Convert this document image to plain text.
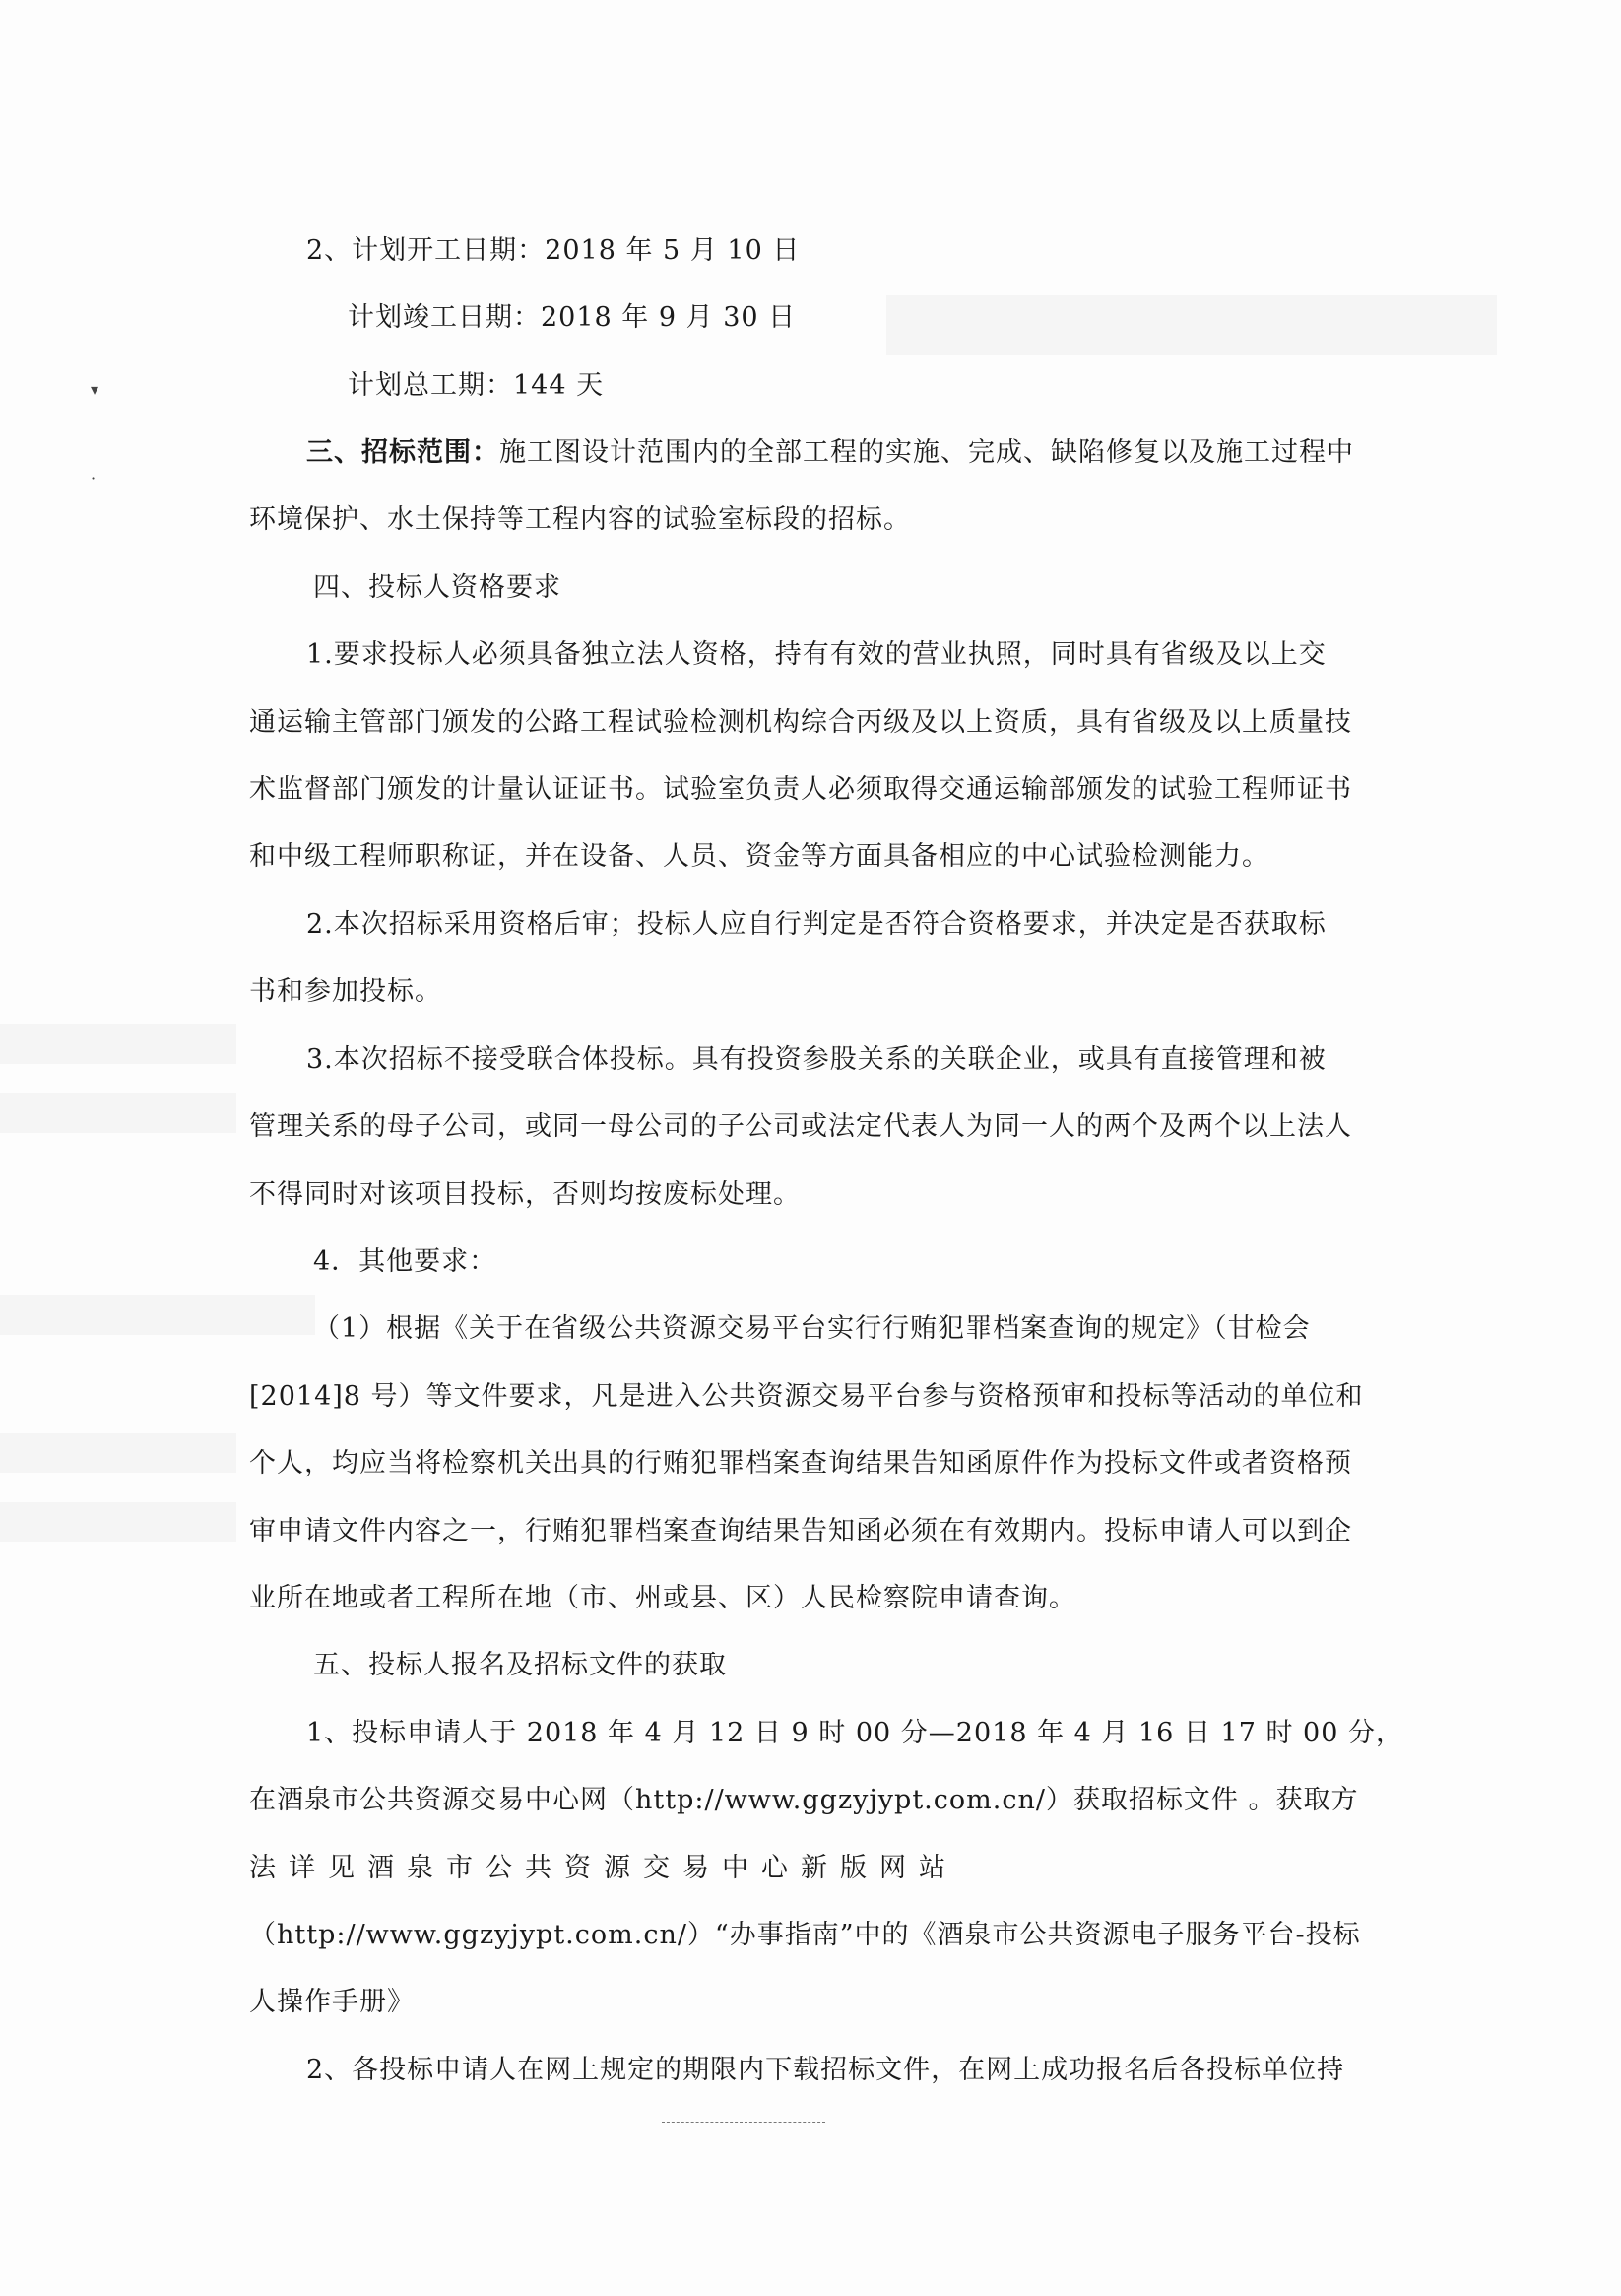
▾
·
2、计划开工日期：2018 年 5 月 10 日
计划竣工日期：2018 年 9 月 30 日
计划总工期：144 天
三、招标范围：施工图设计范围内的全部工程的实施、完成、缺陷修复以及施工过程中
环境保护、水土保持等工程内容的试验室标段的招标。
四、投标人资格要求
1.要求投标人必须具备独立法人资格，持有有效的营业执照，同时具有省级及以上交
通运输主管部门颁发的公路工程试验检测机构综合丙级及以上资质，具有省级及以上质量技
术监督部门颁发的计量认证证书。试验室负责人必须取得交通运输部颁发的试验工程师证书
和中级工程师职称证，并在设备、人员、资金等方面具备相应的中心试验检测能力。
2.本次招标采用资格后审；投标人应自行判定是否符合资格要求，并决定是否获取标
书和参加投标。
3.本次招标不接受联合体投标。具有投资参股关系的关联企业，或具有直接管理和被
管理关系的母子公司，或同一母公司的子公司或法定代表人为同一人的两个及两个以上法人
不得同时对该项目投标，否则均按废标处理。
4．其他要求：
（1）根据《关于在省级公共资源交易平台实行行贿犯罪档案查询的规定》（甘检会
[2014]8 号）等文件要求，凡是进入公共资源交易平台参与资格预审和投标等活动的单位和
个人，均应当将检察机关出具的行贿犯罪档案查询结果告知函原件作为投标文件或者资格预
审申请文件内容之一，行贿犯罪档案查询结果告知函必须在有效期内。投标申请人可以到企
业所在地或者工程所在地（市、州或县、区）人民检察院申请查询。
五、投标人报名及招标文件的获取
1、投标申请人于 2018 年 4 月 12 日 9 时 00 分—2018 年 4 月 16 日 17 时 00 分，
在酒泉市公共资源交易中心网（http://www.ggzyjypt.com.cn/）获取招标文件 。获取方
法详见酒泉市公共资源交易中心新版网站
（http://www.ggzyjypt.com.cn/）“办事指南”中的《酒泉市公共资源电子服务平台-投标
人操作手册》
2、各投标申请人在网上规定的期限内下载招标文件，在网上成功报名后各投标单位持
